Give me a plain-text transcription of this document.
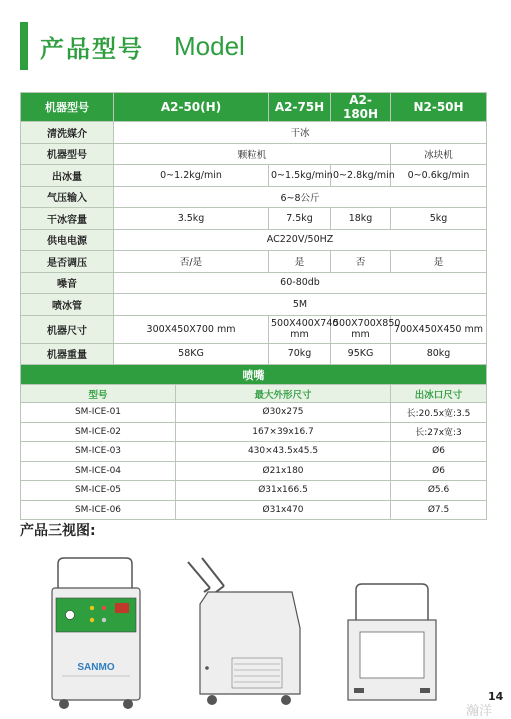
产品型号 Model
机器型号	A2-50(H)		A2-75H	A2-180H	N2-50H
清洗媒介	干冰				
机器型号	颗粒机				冰块机
出冰量	0~1.2kg/min		0~1.5kg/min	0~2.8kg/min	0~0.6kg/min
气压输入	6~8公斤				
干冰容量	3.5kg		7.5kg	18kg	5kg
供电电源	AC220V/50HZ				
是否调压	否/是		是	否	是
噪音	60-80db				
喷冰管	5M				
机器尺寸	300X450X700 mm		500X400X740 mm	500X700X850 mm	700X450X450 mm
机器重量	58KG		70kg	95KG	80kg
喷嘴					
型号		最大外形尺寸			出冰口尺寸
SM-ICE-01		Ø30x275			长:20.5x宽:3.5
SM-ICE-02		167×39x16.7			长:27x宽:3
SM-ICE-03		430×43.5x45.5			Ø6
SM-ICE-04		Ø21x180			Ø6
SM-ICE-05		Ø31x166.5			Ø5.6
SM-ICE-06		Ø31x470			Ø7.5
产品三视图:
SANMO
14
瀚洋
